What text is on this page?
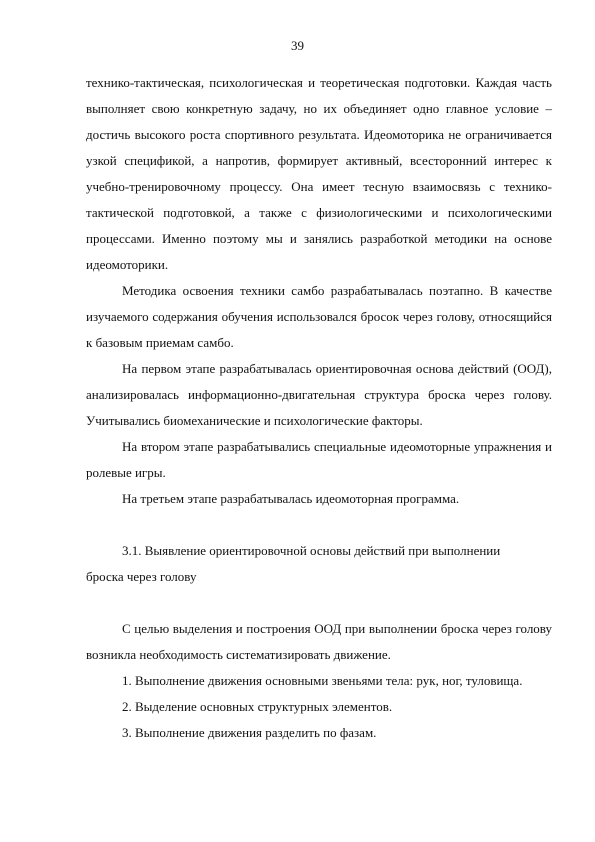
39

технико-тактическая, психологическая и теоретическая подготовки. Каждая часть выполняет свою конкретную задачу, но их объединяет одно главное условие – достичь высокого роста спортивного результата. Идеомоторика не ограничивается узкой спецификой, а напротив, формирует активный, всесторонний интерес к учебно-тренировочному процессу. Она имеет тесную взаимосвязь с технико-тактической подготовкой, а также с физиологическими и психологическими процессами. Именно поэтому мы и занялись разработкой методики на основе идеомоторики.

Методика освоения техники самбо разрабатывалась поэтапно. В качестве изучаемого содержания обучения использовался бросок через голову, относящийся к базовым приемам самбо.

На первом этапе разрабатывалась ориентировочная основа действий (ООД), анализировалась информационно-двигательная структура броска через голову. Учитывались биомеханические и психологические факторы.

На втором этапе разрабатывались специальные идеомоторные упражнения и ролевые игры.

На третьем этапе разрабатывалась идеомоторная программа.

3.1. Выявление ориентировочной основы действий при выполнении броска через голову

С целью выделения и построения ООД при выполнении броска через голову возникла необходимость систематизировать движение.

1. Выполнение движения основными звеньями тела: рук, ног, туловища.

2. Выделение основных структурных элементов.

3. Выполнение движения разделить по фазам.
